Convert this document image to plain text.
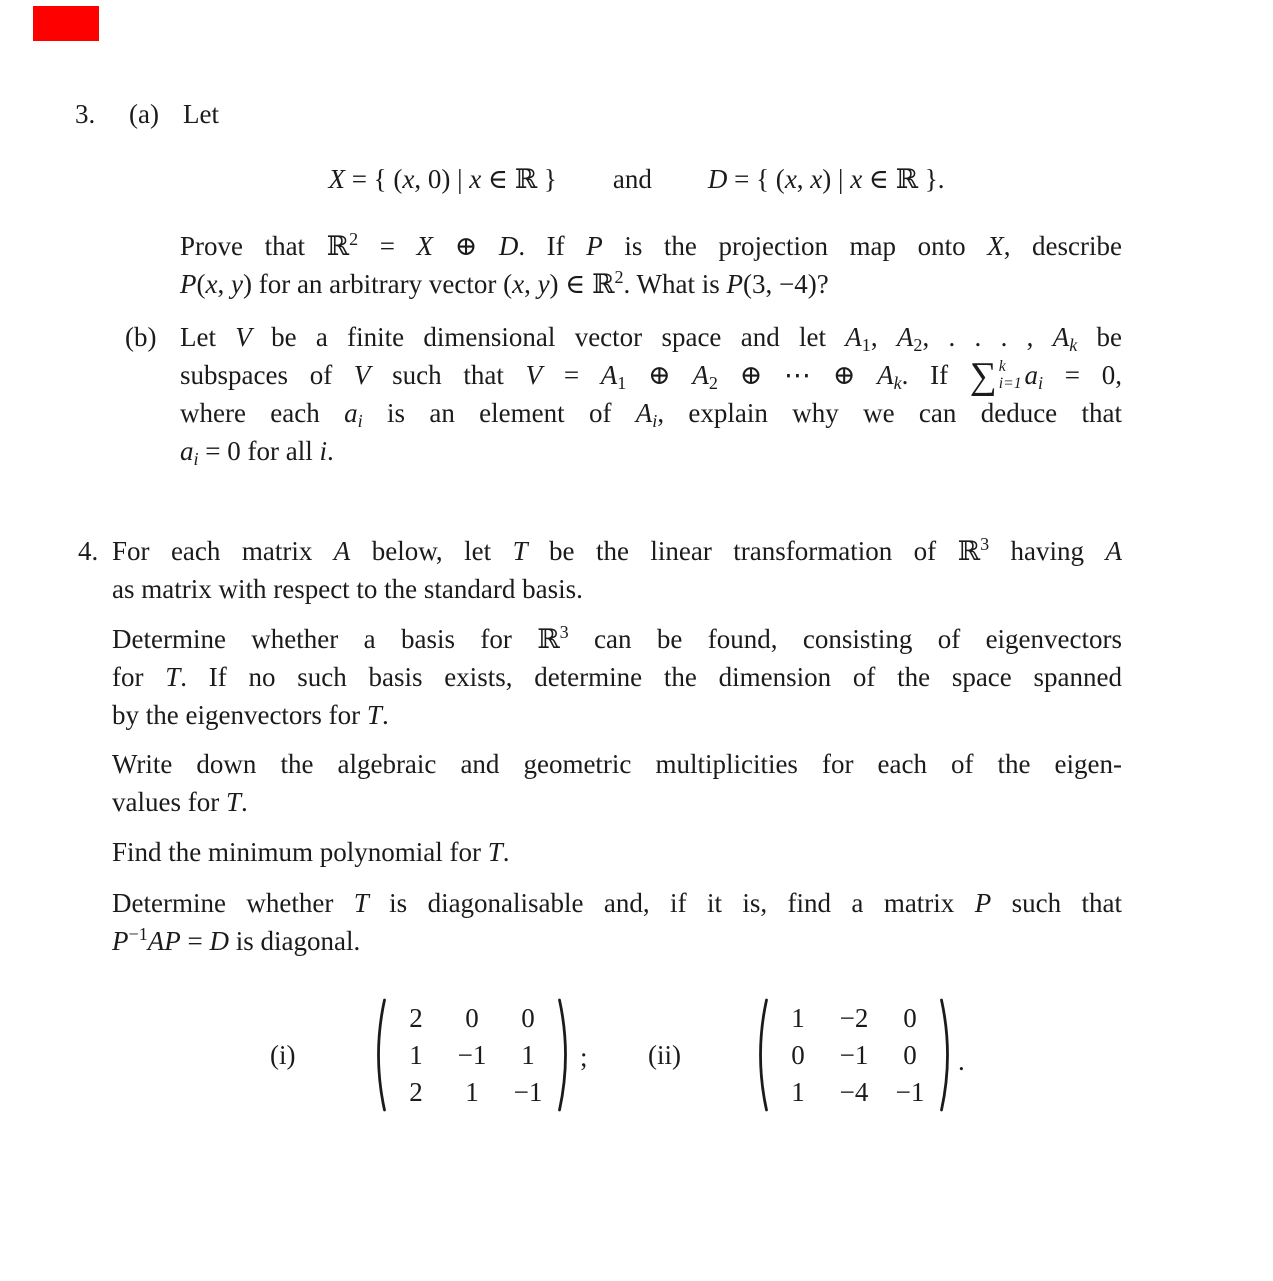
3. (a) Let
X = { (x, 0) | x ∈ ℝ } and D = { (x, x) | x ∈ ℝ }.
Prove that ℝ$^2$ = X ⊕ D. If P is the projection map onto X, describe
P(x, y) for an arbitrary vector (x, y) ∈ ℝ$^2$. What is P(3, −4)?
(b) Let V be a finite dimensional vector space and let A1, A2, . . . , Ak be
subspaces of V such that V = A1 ⊕ A2 ⊕ ⋯ ⊕ Ak. If ∑ k
i=1 ai = 0,
where each ai is an element of Ai, explain why we can deduce that
ai = 0 for all i.
4. For each matrix A below, let T be the linear transformation of ℝ$^3$ having A
as matrix with respect to the standard basis.
Determine whether a basis for ℝ$^3$ can be found, consisting of eigenvectors
for T. If no such basis exists, determine the dimension of the space spanned
by the eigenvectors for T.
Write down the algebraic and geometric multiplicities for each of the eigen-
values for T.
Find the minimum polynomial for T.
Determine whether T is diagonalisable and, if it is, find a matrix P such that
$P^{-1}AP = D$ is diagonal.
(i)
2	0	0
1	−1	1
2	1	−1
; (ii)
1	−2	0
0	−1	0
1	−4	−1
.
